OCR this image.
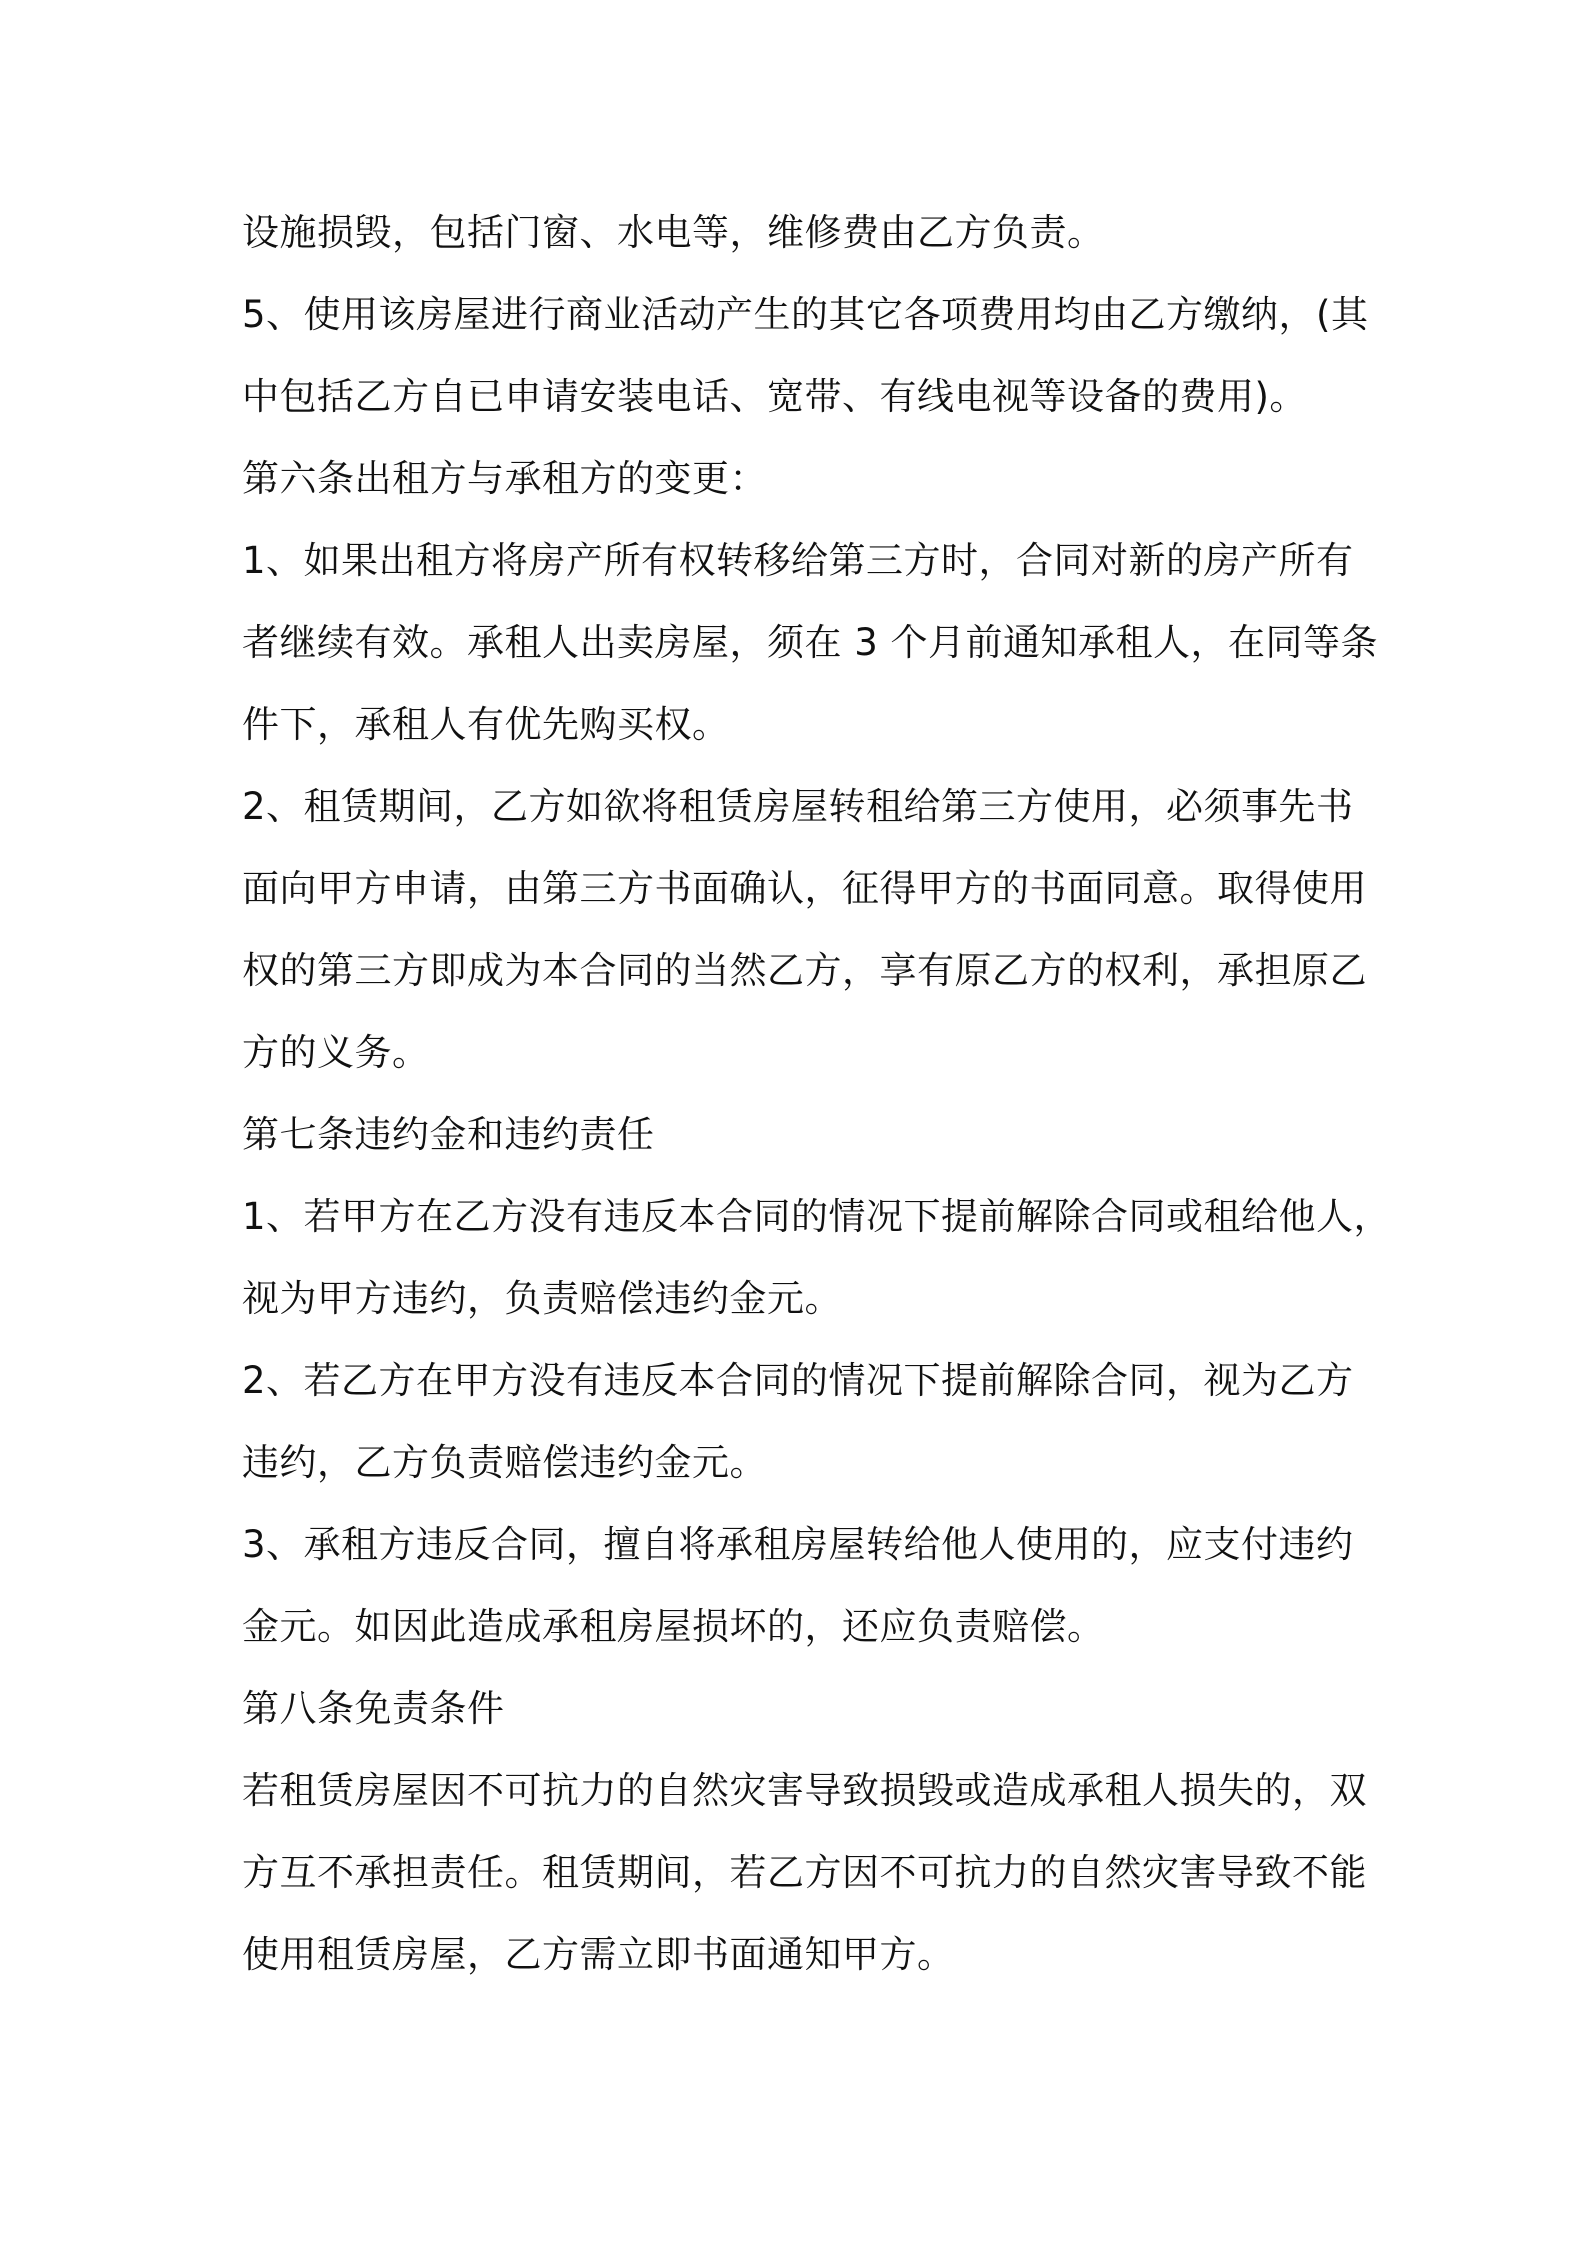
设施损毁，包括门窗、水电等，维修费由乙方负责。
5、使用该房屋进行商业活动产生的其它各项费用均由乙方缴纳，(其
中包括乙方自已申请安装电话、宽带、有线电视等设备的费用)。
第六条出租方与承租方的变更：
1、如果出租方将房产所有权转移给第三方时，合同对新的房产所有
者继续有效。承租人出卖房屋，须在 3 个月前通知承租人，在同等条
件下，承租人有优先购买权。
2、租赁期间，乙方如欲将租赁房屋转租给第三方使用，必须事先书
面向甲方申请，由第三方书面确认，征得甲方的书面同意。取得使用
权的第三方即成为本合同的当然乙方，享有原乙方的权利，承担原乙
方的义务。
第七条违约金和违约责任
1、若甲方在乙方没有违反本合同的情况下提前解除合同或租给他人，
视为甲方违约，负责赔偿违约金元。
2、若乙方在甲方没有违反本合同的情况下提前解除合同，视为乙方
违约，乙方负责赔偿违约金元。
3、承租方违反合同，擅自将承租房屋转给他人使用的，应支付违约
金元。如因此造成承租房屋损坏的，还应负责赔偿。
第八条免责条件
若租赁房屋因不可抗力的自然灾害导致损毁或造成承租人损失的，双
方互不承担责任。租赁期间，若乙方因不可抗力的自然灾害导致不能
使用租赁房屋，乙方需立即书面通知甲方。
